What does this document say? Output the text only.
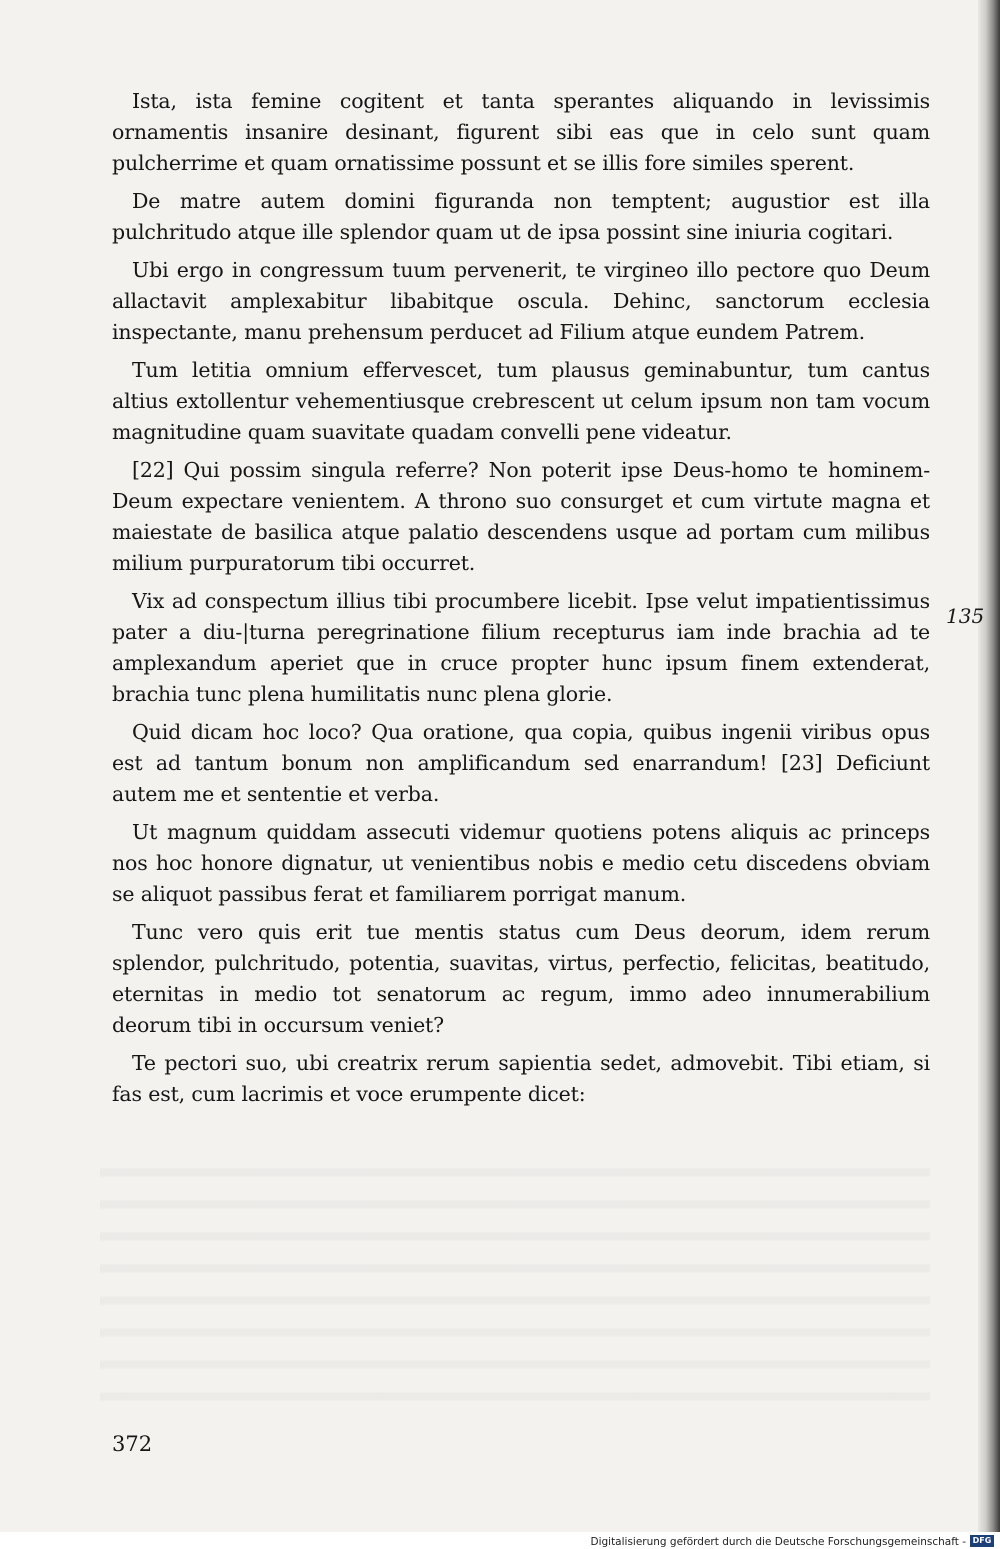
Ista, ista femine cogitent et tanta sperantes aliquando in levissimis ornamentis insanire desinant, figurent sibi eas que in celo sunt quam pulcherrime et quam ornatissime possunt et se illis fore similes sperent.

De matre autem domini figuranda non temptent; augustior est illa pulchritudo atque ille splendor quam ut de ipsa possint sine iniuria cogitari.

Ubi ergo in congressum tuum pervenerit, te virgineo illo pectore quo Deum allactavit amplexabitur libabitque oscula. Dehinc, sanctorum ecclesia inspectante, manu prehensum perducet ad Filium atque eundem Patrem.

Tum letitia omnium effervescet, tum plausus geminabuntur, tum cantus altius extollentur vehementiusque crebrescent ut celum ipsum non tam vocum magnitudine quam suavitate quadam convelli pene videatur.

[22] Qui possim singula referre? Non poterit ipse Deus-homo te hominem-Deum expectare venientem. A throno suo consurget et cum virtute magna et maiestate de basilica atque palatio descendens usque ad portam cum milibus milium purpuratorum tibi occurret.

Vix ad conspectum illius tibi procumbere licebit. Ipse velut impatientissimus pater a diu-|turna peregrinatione filium recepturus iam inde brachia ad te amplexandum aperiet que in cruce propter hunc ipsum finem extenderat, brachia tunc plena humilitatis nunc plena glorie.

Quid dicam hoc loco? Qua oratione, qua copia, quibus ingenii viribus opus est ad tantum bonum non amplificandum sed enarrandum! [23] Deficiunt autem me et sententie et verba.

Ut magnum quiddam assecuti videmur quotiens potens aliquis ac princeps nos hoc honore dignatur, ut venientibus nobis e medio cetu discedens obviam se aliquot passibus ferat et familiarem porrigat manum.

Tunc vero quis erit tue mentis status cum Deus deorum, idem rerum splendor, pulchritudo, potentia, suavitas, virtus, perfectio, felicitas, beatitudo, eternitas in medio tot senatorum ac regum, immo adeo innumerabilium deorum tibi in occursum veniet?

Te pectori suo, ubi creatrix rerum sapientia sedet, admovebit. Tibi etiam, si fas est, cum lacrimis et voce erumpente dicet:

135
372
Digitalisierung gefördert durch die Deutsche Forschungsgemeinschaft - DFG
